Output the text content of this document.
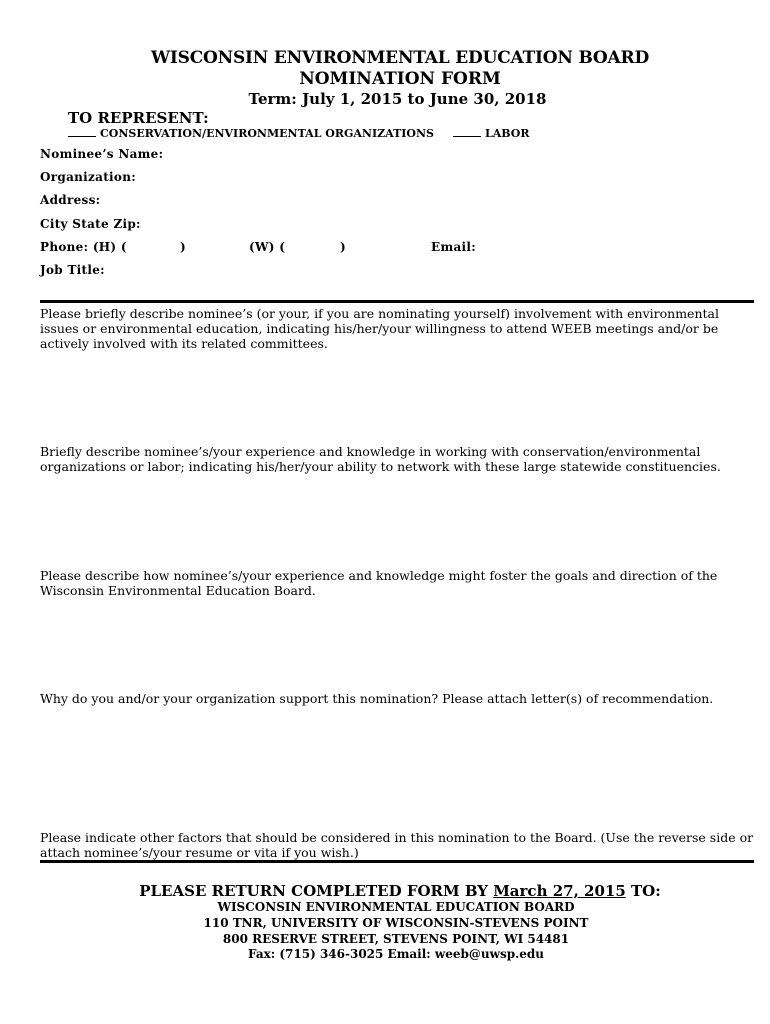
WISCONSIN ENVIRONMENTAL EDUCATION BOARD
NOMINATION FORM
Term: July 1, 2015 to June 30, 2018
TO REPRESENT:
CONSERVATION/ENVIRONMENTAL ORGANIZATIONS	LABOR
Nominee’s Name:
Organization:
Address:
City State Zip:
Phone: (H) (	)	(W) (	)	Email:
Job Title:
Please briefly describe nominee’s (or your, if you are nominating yourself) involvement with environmental issues or environmental education, indicating his/her/your willingness to attend WEEB meetings and/or be actively involved with its related committees.
Briefly describe nominee’s/your experience and knowledge in working with conservation/environmental organizations or labor; indicating his/her/your ability to network with these large statewide constituencies.
Please describe how nominee’s/your experience and knowledge might foster the goals and direction of the Wisconsin Environmental Education Board.
Why do you and/or your organization support this nomination? Please attach letter(s) of recommendation.
Please indicate other factors that should be considered in this nomination to the Board. (Use the reverse side or attach nominee’s/your resume or vita if you wish.)
PLEASE RETURN COMPLETED FORM BY March 27, 2015 TO:
WISCONSIN ENVIRONMENTAL EDUCATION BOARD
110 TNR, UNIVERSITY OF WISCONSIN-STEVENS POINT
800 RESERVE STREET, STEVENS POINT, WI 54481
Fax: (715) 346-3025 Email: weeb@uwsp.edu
